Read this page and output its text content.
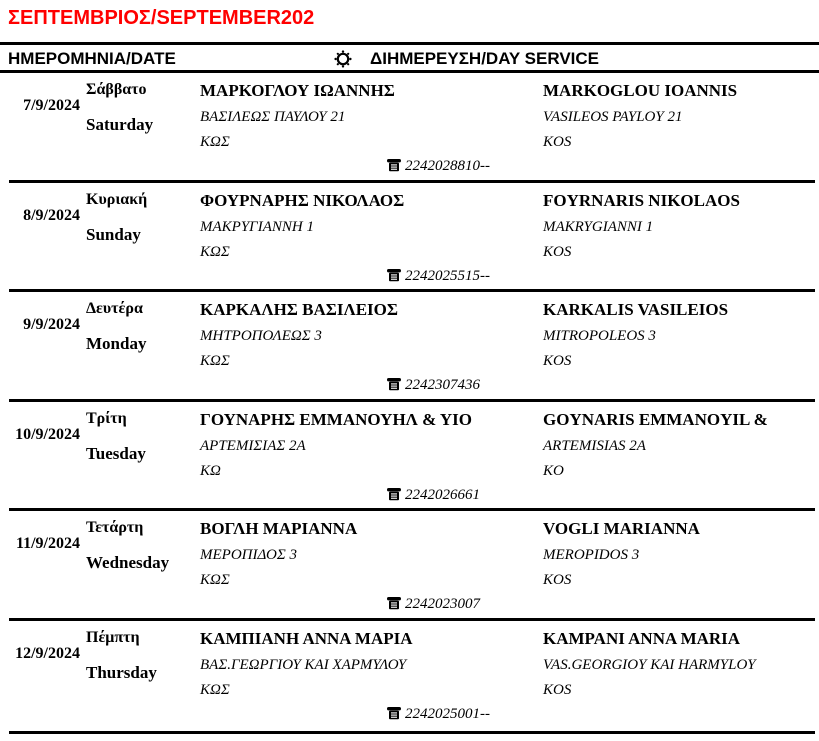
ΣΕΠΤΕΜΒΡΙΟΣ/SEPTEMBER202
ΗΜΕΡΟΜΗΝΙΑ/DATE	ΔΙΗΜΕΡΕΥΣΗ/DAY SERVICE
7/9/2024
Σάββατο
Saturday
ΜΑΡΚΟΓΛΟΥ ΙΩΑΝΝΗΣ
ΒΑΣΙΛΕΩΣ ΠΑΥΛΟΥ 21
ΚΩΣ
MARKOGLOU IOANNIS
VASILEOS PAYLOY 21
KOS
2242028810--
8/9/2024
Κυριακή
Sunday
ΦΟΥΡΝΑΡΗΣ ΝΙΚΟΛΑΟΣ
ΜΑΚΡΥΓΙΑΝΝΗ 1
ΚΩΣ
FOYRNARIS NIKOLAOS
MAKRYGIANNI 1
KOS
2242025515--
9/9/2024
Δευτέρα
Monday
ΚΑΡΚΑΛΗΣ ΒΑΣΙΛΕΙΟΣ
ΜΗΤΡΟΠΟΛΕΩΣ 3
ΚΩΣ
KARKALIS VASILEIOS
MITROPOLEOS 3
KOS
2242307436
10/9/2024
Τρίτη
Tuesday
ΓΟΥΝΑΡΗΣ ΕΜΜΑΝΟΥΗΛ & ΥΙΟ
ΑΡΤΕΜΙΣΙΑΣ 2Α
ΚΩ
GOYNARIS EMMANOYIL &
ARTEMISIAS 2A
KO
2242026661
11/9/2024
Τετάρτη
Wednesday
ΒΟΓΛΗ ΜΑΡΙΑΝΝΑ
ΜΕΡΟΠΙΔΟΣ 3
ΚΩΣ
VOGLI MARIANNA
MEROPIDOS 3
KOS
2242023007
12/9/2024
Πέμπτη
Thursday
ΚΑΜΠΙΑΝΗ ΑΝΝΑ ΜΑΡΙΑ
ΒΑΣ.ΓΕΩΡΓΙΟΥ ΚΑΙ ΧΑΡΜΥΛΟΥ
ΚΩΣ
KAMPANI ANNA MARIA
VAS.GEORGIOY KAI HARMYLOY
KOS
2242025001--
